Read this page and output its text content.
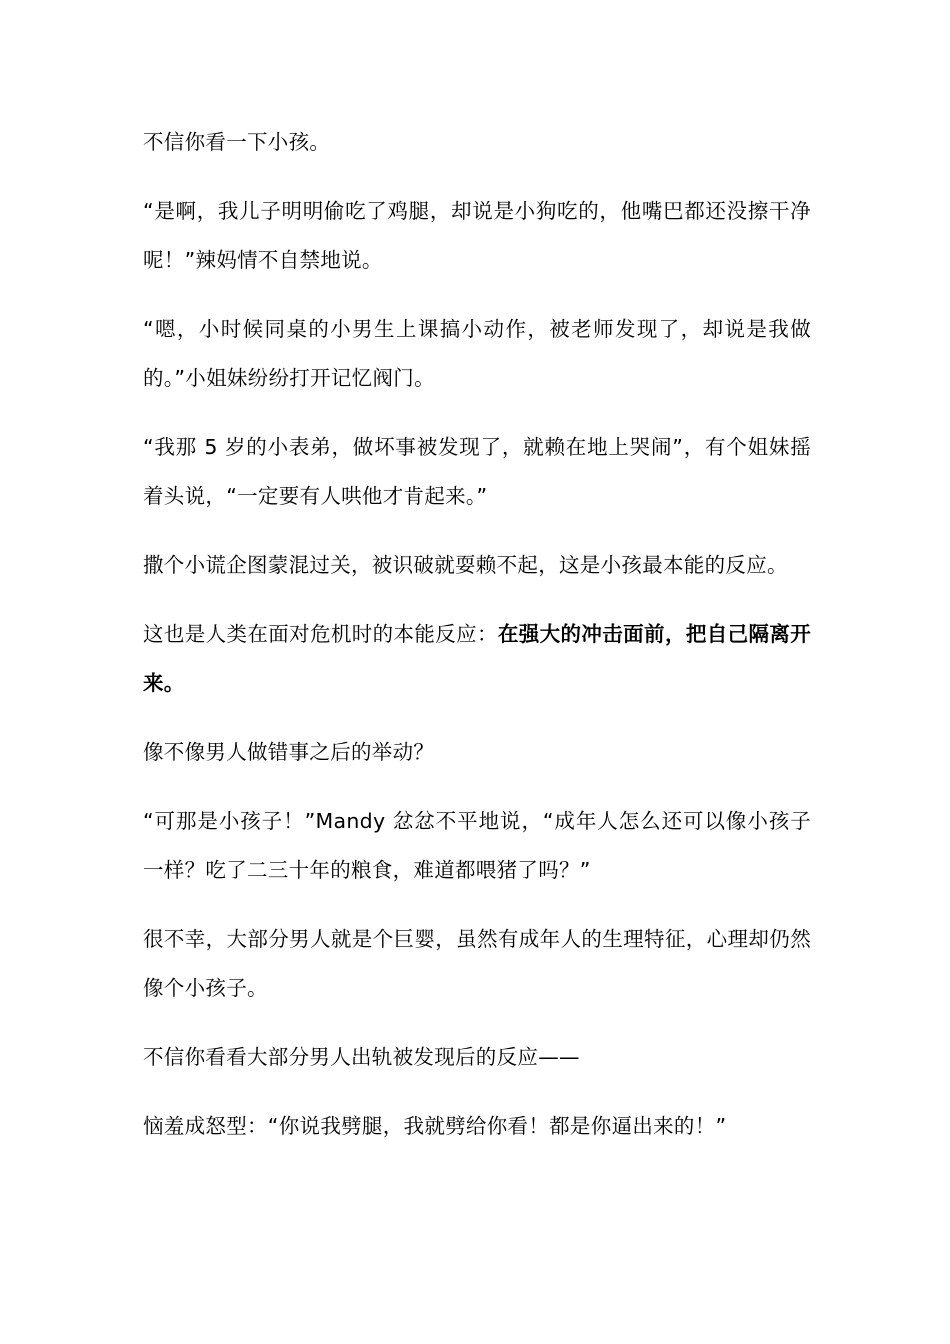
不信你看一下小孩。

“是啊，我儿子明明偷吃了鸡腿，却说是小狗吃的，他嘴巴都还没擦干净呢！”辣妈情不自禁地说。

“嗯，小时候同桌的小男生上课搞小动作，被老师发现了，却说是我做的。”小姐妹纷纷打开记忆阀门。

“我那 5 岁的小表弟，做坏事被发现了，就赖在地上哭闹”，有个姐妹摇着头说，“一定要有人哄他才肯起来。”

撒个小谎企图蒙混过关，被识破就耍赖不起，这是小孩最本能的反应。

这也是人类在面对危机时的本能反应：在强大的冲击面前，把自己隔离开来。

像不像男人做错事之后的举动？

“可那是小孩子！”Mandy 忿忿不平地说，“成年人怎么还可以像小孩子一样？吃了二三十年的粮食，难道都喂猪了吗？”

很不幸，大部分男人就是个巨婴，虽然有成年人的生理特征，心理却仍然像个小孩子。

不信你看看大部分男人出轨被发现后的反应——

恼羞成怒型：“你说我劈腿，我就劈给你看！都是你逼出来的！”
